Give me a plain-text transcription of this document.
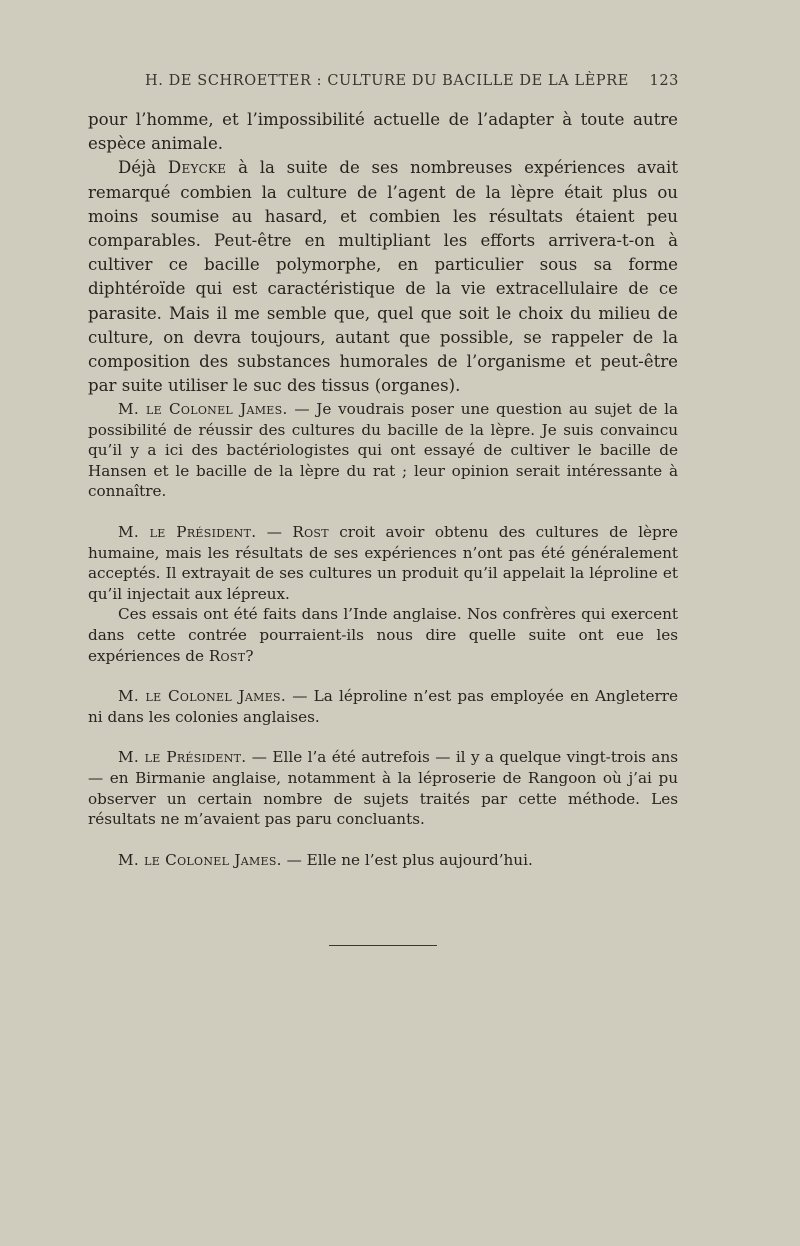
H. DE SCHROETTER : CULTURE DU BACILLE DE LA LÈPRE 123

pour l’homme, et l’impossibilité actuelle de l’adapter à toute autre espèce animale.

Déjà Deycke à la suite de ses nombreuses expériences avait remarqué combien la culture de l’agent de la lèpre était plus ou moins soumise au hasard, et combien les résultats étaient peu comparables. Peut-être en multipliant les efforts arrivera-t-on à cultiver ce bacille polymorphe, en particulier sous sa forme diphtéroïde qui est caractéristique de la vie extracellulaire de ce parasite. Mais il me semble que, quel que soit le choix du milieu de culture, on devra toujours, autant que possible, se rappeler de la composition des substances humorales de l’organisme et peut-être par suite utiliser le suc des tissus (organes).

M. le Colonel James. — Je voudrais poser une question au sujet de la possibilité de réussir des cultures du bacille de la lèpre. Je suis convaincu qu’il y a ici des bactériologistes qui ont essayé de cultiver le bacille de Hansen et le bacille de la lèpre du rat ; leur opinion serait intéressante à connaître.

M. le Président. — Rost croit avoir obtenu des cultures de lèpre humaine, mais les résultats de ses expériences n’ont pas été généralement acceptés. Il extrayait de ses cultures un produit qu’il appelait la léproline et qu’il injectait aux lépreux.

Ces essais ont été faits dans l’Inde anglaise. Nos confrères qui exercent dans cette contrée pourraient-ils nous dire quelle suite ont eue les expériences de Rost?

M. le Colonel James. — La léproline n’est pas employée en Angleterre ni dans les colonies anglaises.

M. le Président. — Elle l’a été autrefois — il y a quelque vingt-trois ans — en Birmanie anglaise, notamment à la léproserie de Rangoon où j’ai pu observer un certain nombre de sujets traités par cette méthode. Les résultats ne m’avaient pas paru concluants.

M. le Colonel James. — Elle ne l’est plus aujourd’hui.
